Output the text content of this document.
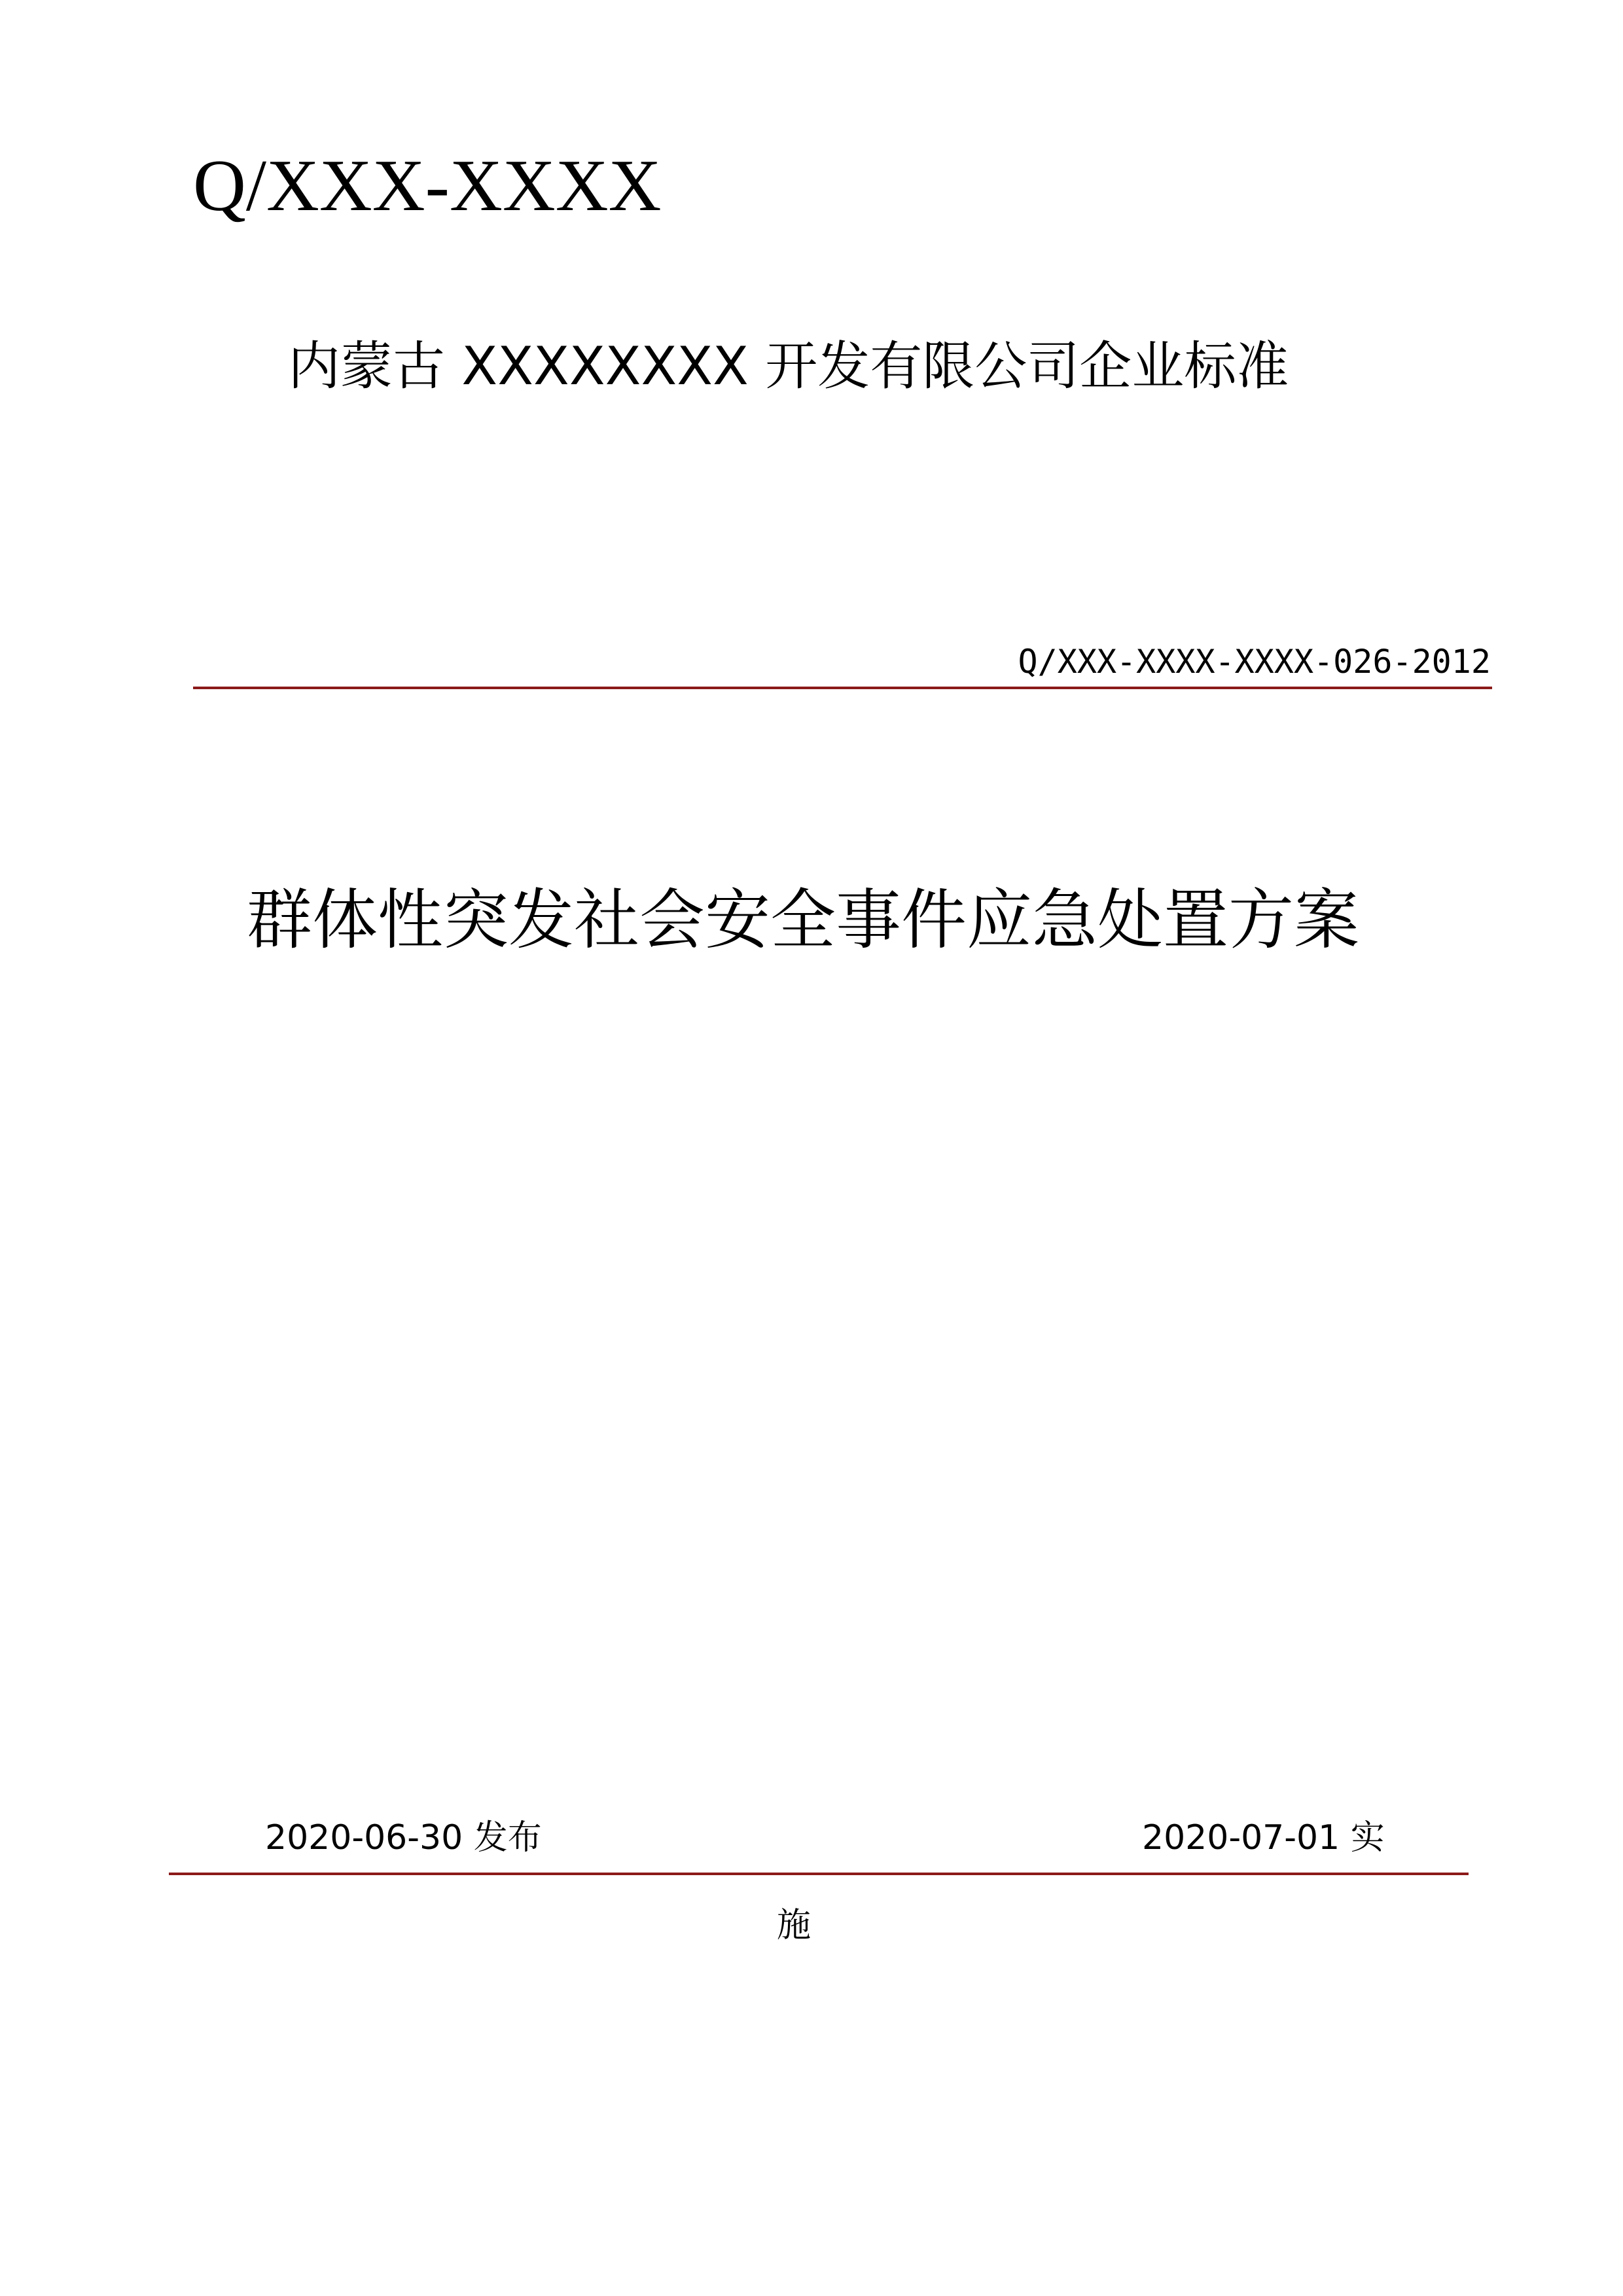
Q/XXX-XXXX
内蒙古 XXXXXXXX 开发有限公司企业标准
Q/XXX-XXXX-XXXX-026-2012
群体性突发社会安全事件应急处置方案
2020-06-30 发布	2020-07-01 实
施
